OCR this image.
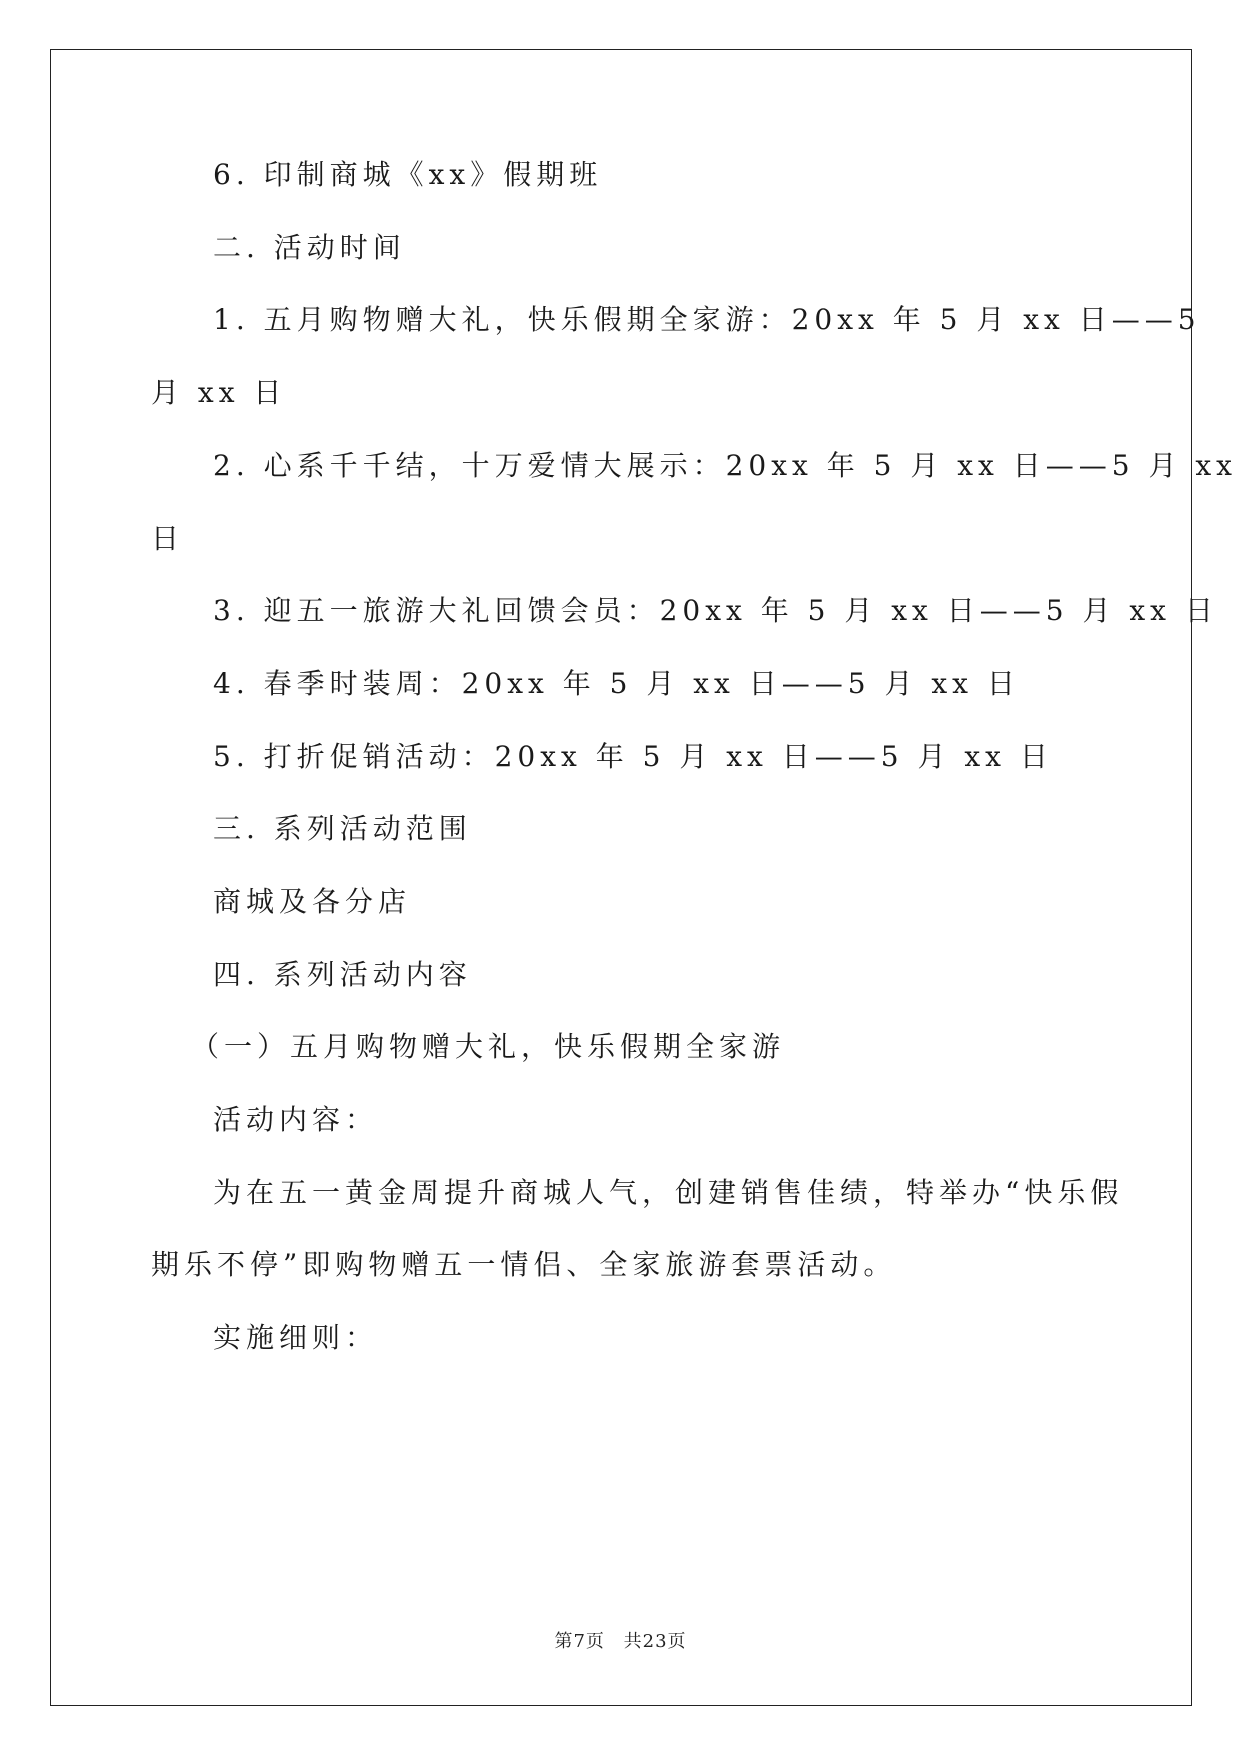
6. 印制商城《xx》假期班

二. 活动时间

1. 五月购物赠大礼，快乐假期全家游：20xx 年 5 月 xx 日——5

月 xx 日

2. 心系千千结，十万爱情大展示：20xx 年 5 月 xx 日——5 月 xx

日

3. 迎五一旅游大礼回馈会员：20xx 年 5 月 xx 日——5 月 xx 日

4. 春季时装周：20xx 年 5 月 xx 日——5 月 xx 日

5. 打折促销活动：20xx 年 5 月 xx 日——5 月 xx 日

三. 系列活动范围

商城及各分店

四. 系列活动内容

（一）五月购物赠大礼，快乐假期全家游

活动内容：

为在五一黄金周提升商城人气，创建销售佳绩，特举办“快乐假

期乐不停”即购物赠五一情侣、全家旅游套票活动。

实施细则：

第7页 共23页
